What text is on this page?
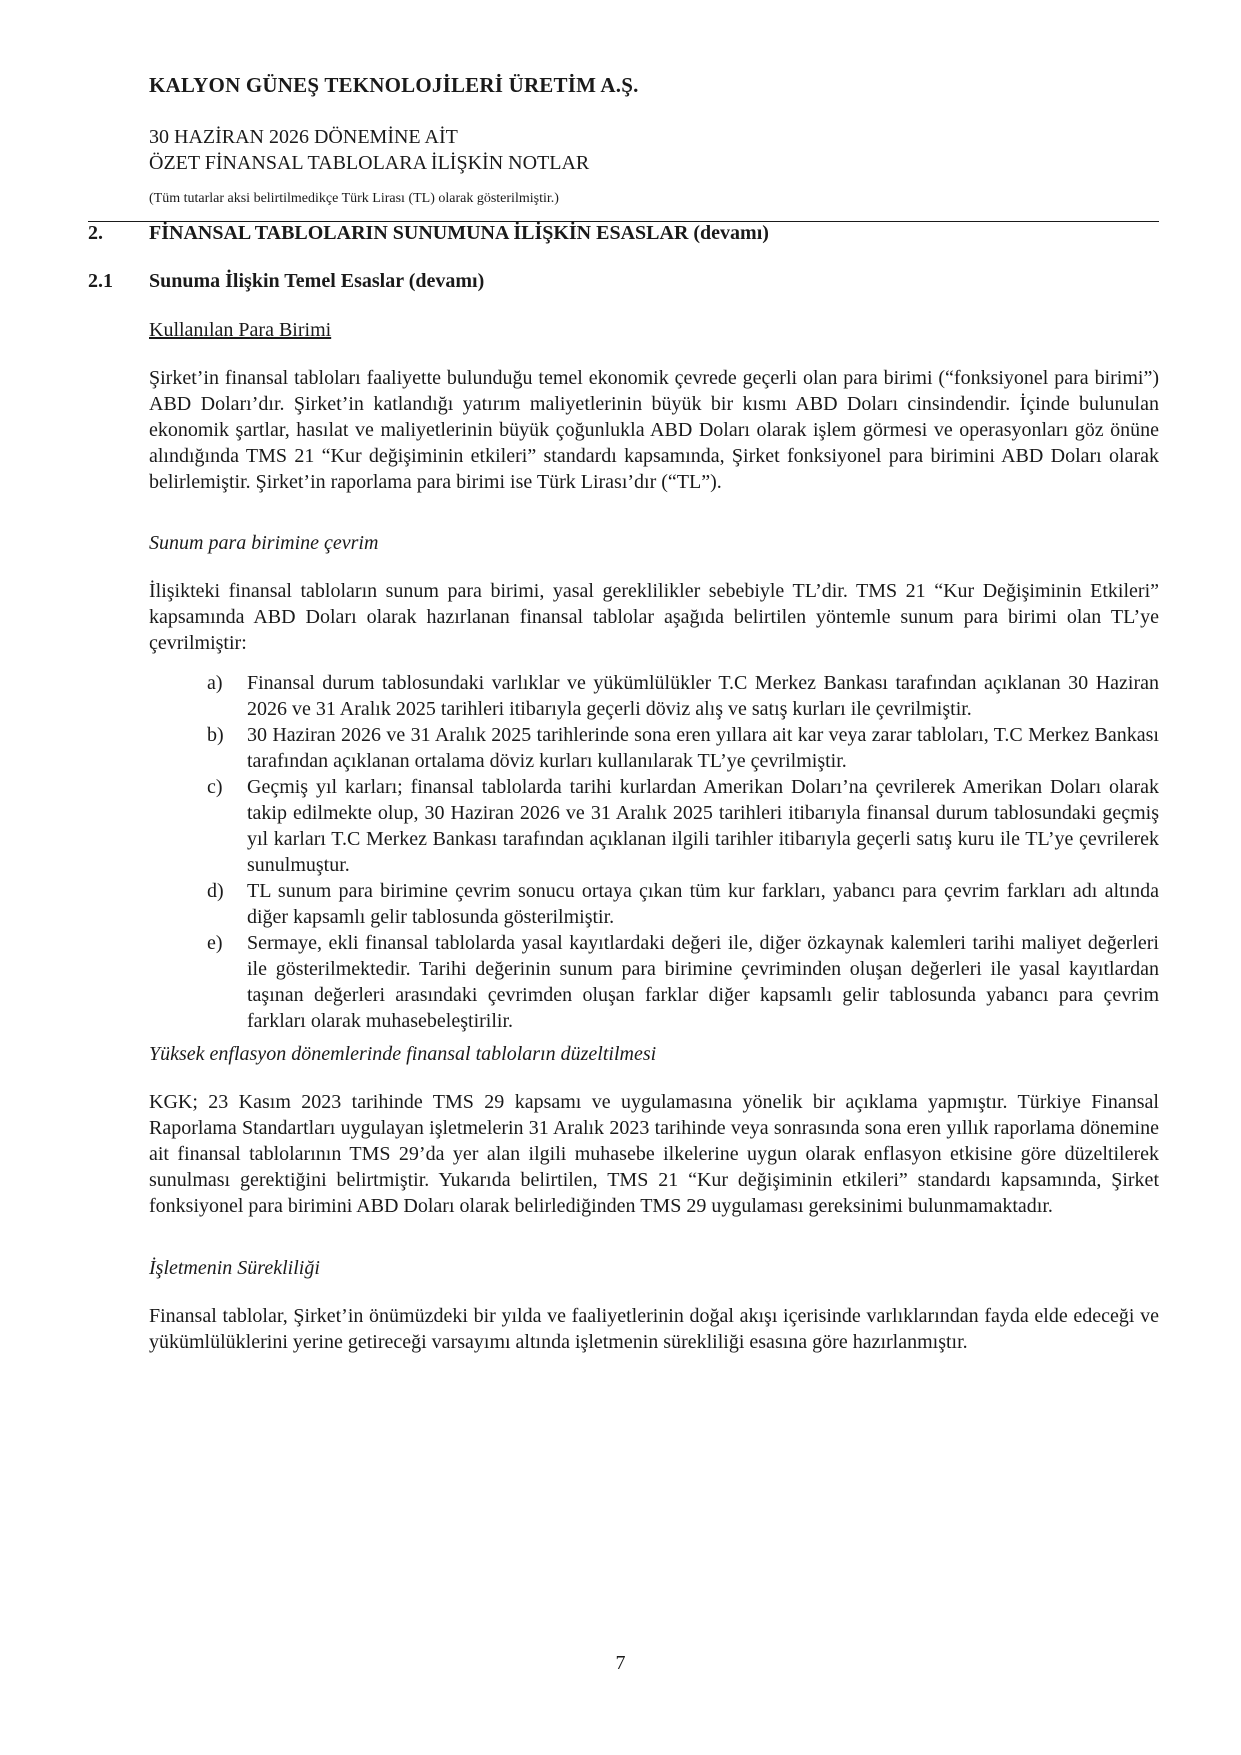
KALYON GÜNEŞ TEKNOLOJİLERİ ÜRETİM A.Ş.
30 HAZİRAN 2026 DÖNEMİNE AİT
ÖZET FİNANSAL TABLOLARA İLİŞKİN NOTLAR
(Tüm tutarlar aksi belirtilmedikçe Türk Lirası (TL) olarak gösterilmiştir.)
2. FİNANSAL TABLOLARIN SUNUMUNA İLİŞKİN ESASLAR (devamı)
2.1 Sunuma İlişkin Temel Esaslar (devamı)
Kullanılan Para Birimi
Şirket’in finansal tabloları faaliyette bulunduğu temel ekonomik çevrede geçerli olan para birimi (“fonksiyonel para birimi”) ABD Doları’dır. Şirket’in katlandığı yatırım maliyetlerinin büyük bir kısmı ABD Doları cinsindendir. İçinde bulunulan ekonomik şartlar, hasılat ve maliyetlerinin büyük çoğunlukla ABD Doları olarak işlem görmesi ve operasyonları göz önüne alındığında TMS 21 “Kur değişiminin etkileri” standardı kapsamında, Şirket fonksiyonel para birimini ABD Doları olarak belirlemiştir. Şirket’in raporlama para birimi ise Türk Lirası’dır (“TL”).
Sunum para birimine çevrim
İlişikteki finansal tabloların sunum para birimi, yasal gereklilikler sebebiyle TL’dir. TMS 21 “Kur Değişiminin Etkileri” kapsamında ABD Doları olarak hazırlanan finansal tablolar aşağıda belirtilen yöntemle sunum para birimi olan TL’ye çevrilmiştir:
a) Finansal durum tablosundaki varlıklar ve yükümlülükler T.C Merkez Bankası tarafından açıklanan 30 Haziran 2026 ve 31 Aralık 2025 tarihleri itibarıyla geçerli döviz alış ve satış kurları ile çevrilmiştir.
b) 30 Haziran 2026 ve 31 Aralık 2025 tarihlerinde sona eren yıllara ait kar veya zarar tabloları, T.C Merkez Bankası tarafından açıklanan ortalama döviz kurları kullanılarak TL’ye çevrilmiştir.
c) Geçmiş yıl karları; finansal tablolarda tarihi kurlardan Amerikan Doları’na çevrilerek Amerikan Doları olarak takip edilmekte olup, 30 Haziran 2026 ve 31 Aralık 2025 tarihleri itibarıyla finansal durum tablosundaki geçmiş yıl karları T.C Merkez Bankası tarafından açıklanan ilgili tarihler itibarıyla geçerli satış kuru ile TL’ye çevrilerek sunulmuştur.
d) TL sunum para birimine çevrim sonucu ortaya çıkan tüm kur farkları, yabancı para çevrim farkları adı altında diğer kapsamlı gelir tablosunda gösterilmiştir.
e) Sermaye, ekli finansal tablolarda yasal kayıtlardaki değeri ile, diğer özkaynak kalemleri tarihi maliyet değerleri ile gösterilmektedir. Tarihi değerinin sunum para birimine çevriminden oluşan değerleri ile yasal kayıtlardan taşınan değerleri arasındaki çevrimden oluşan farklar diğer kapsamlı gelir tablosunda yabancı para çevrim farkları olarak muhasebeleştirilir.
Yüksek enflasyon dönemlerinde finansal tabloların düzeltilmesi
KGK; 23 Kasım 2023 tarihinde TMS 29 kapsamı ve uygulamasına yönelik bir açıklama yapmıştır. Türkiye Finansal Raporlama Standartları uygulayan işletmelerin 31 Aralık 2023 tarihinde veya sonrasında sona eren yıllık raporlama dönemine ait finansal tablolarının TMS 29’da yer alan ilgili muhasebe ilkelerine uygun olarak enflasyon etkisine göre düzeltilerek sunulması gerektiğini belirtmiştir. Yukarıda belirtilen, TMS 21 “Kur değişiminin etkileri” standardı kapsamında, Şirket fonksiyonel para birimini ABD Doları olarak belirlediğinden TMS 29 uygulaması gereksinimi bulunmamaktadır.
İşletmenin Sürekliliği
Finansal tablolar, Şirket’in önümüzdeki bir yılda ve faaliyetlerinin doğal akışı içerisinde varlıklarından fayda elde edeceği ve yükümlülüklerini yerine getireceği varsayımı altında işletmenin sürekliliği esasına göre hazırlanmıştır.
7
